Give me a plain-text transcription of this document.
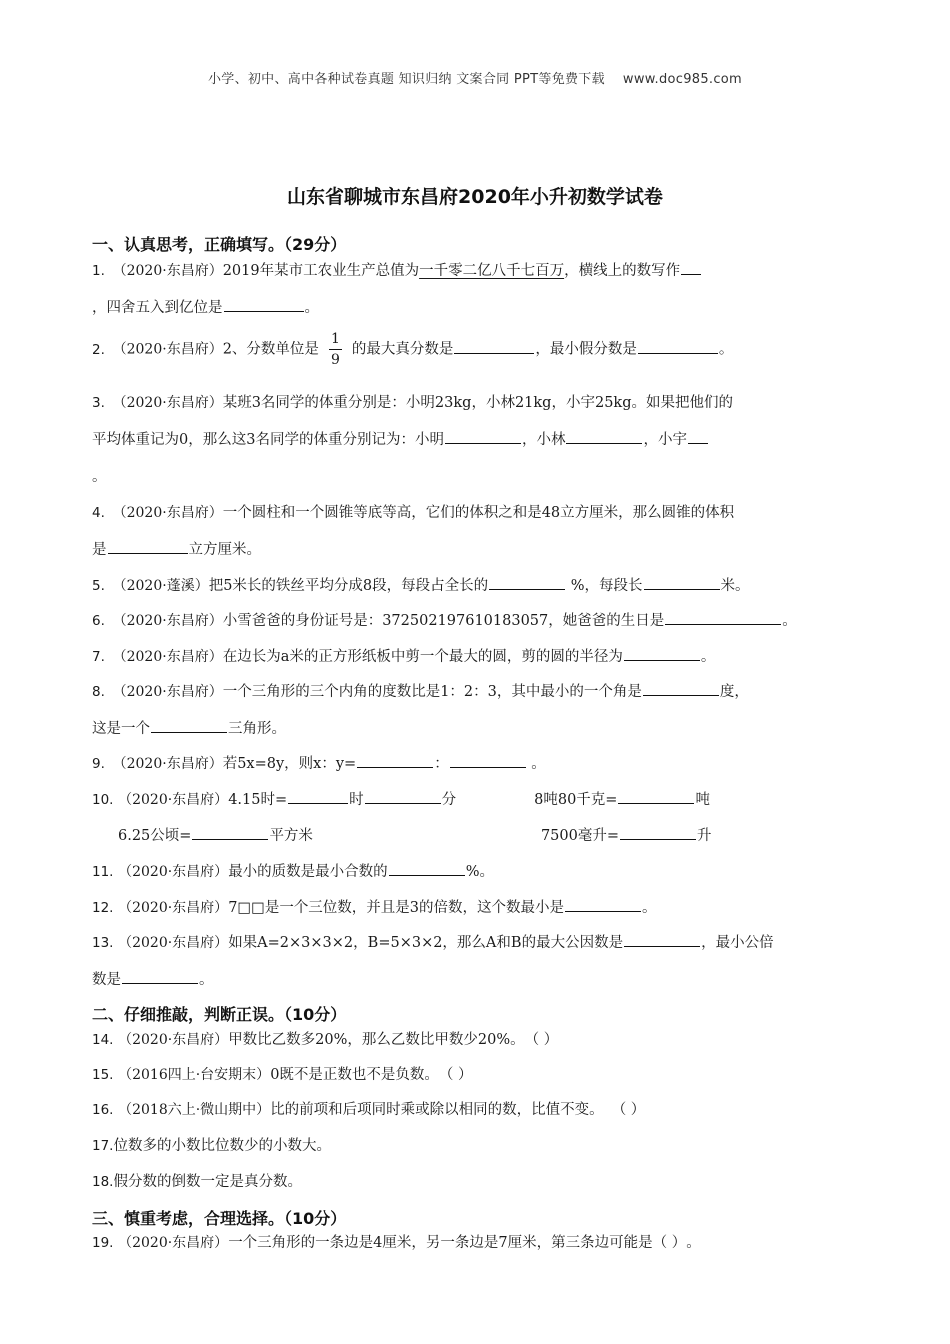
小学、初中、高中各种试卷真题 知识归纳 文案合同 PPT等免费下载 www.doc985.com
山东省聊城市东昌府2020年小升初数学试卷
一、认真思考，正确填写。（29分）
1. （2020·东昌府）2019年某市工农业生产总值为一千零二亿八千七百万，横线上的数写作
，四舍五入到亿位是	。
2. （2020·东昌府）2、分数单位是 $\frac{1}{9}$ 的最大真分数是	，最小假分数是	。
3. （2020·东昌府）某班3名同学的体重分别是：小明23kg，小林21kg，小宇25kg。如果把他们的
平均体重记为0，那么这3名同学的体重分别记为：小明	，小林	，小宇
。
4. （2020·东昌府）一个圆柱和一个圆锥等底等高，它们的体积之和是48立方厘米，那么圆锥的体积
是	立方厘米。
5. （2020·蓬溪）把5米长的铁丝平均分成8段，每段占全长的	%，每段长	米。
6. （2020·东昌府）小雪爸爸的身份证号是：372502197610183057，她爸爸的生日是	。
7. （2020·东昌府）在边长为a米的正方形纸板中剪一个最大的圆，剪的圆的半径为	。
8. （2020·东昌府）一个三角形的三个内角的度数比是1：2：3，其中最小的一个角是	度，
这是一个	三角形。
9. （2020·东昌府）若5x=8y，则x：y=	：	。
10. （2020·东昌府）4.15时=	时	分	8吨80千克=	吨
6.25公顷=	平方米	7500毫升=	升
11. （2020·东昌府）最小的质数是最小合数的	%。
12. （2020·东昌府）7□□是一个三位数，并且是3的倍数，这个数最小是	。
13. （2020·东昌府）如果A=2×3×3×2，B=5×3×2，那么A和B的最大公因数是	，最小公倍
数是	。
二、仔细推敲，判断正误。（10分）
14. （2020·东昌府）甲数比乙数多20%，那么乙数比甲数少20%。（ ）
15. （2016四上·台安期末）0既不是正数也不是负数。（ ）
16. （2018六上·微山期中）比的前项和后项同时乘或除以相同的数，比值不变。 （ ）
17.位数多的小数比位数少的小数大。
18.假分数的倒数一定是真分数。
三、慎重考虑，合理选择。（10分）
19. （2020·东昌府）一个三角形的一条边是4厘米，另一条边是7厘米，第三条边可能是（ ）。
